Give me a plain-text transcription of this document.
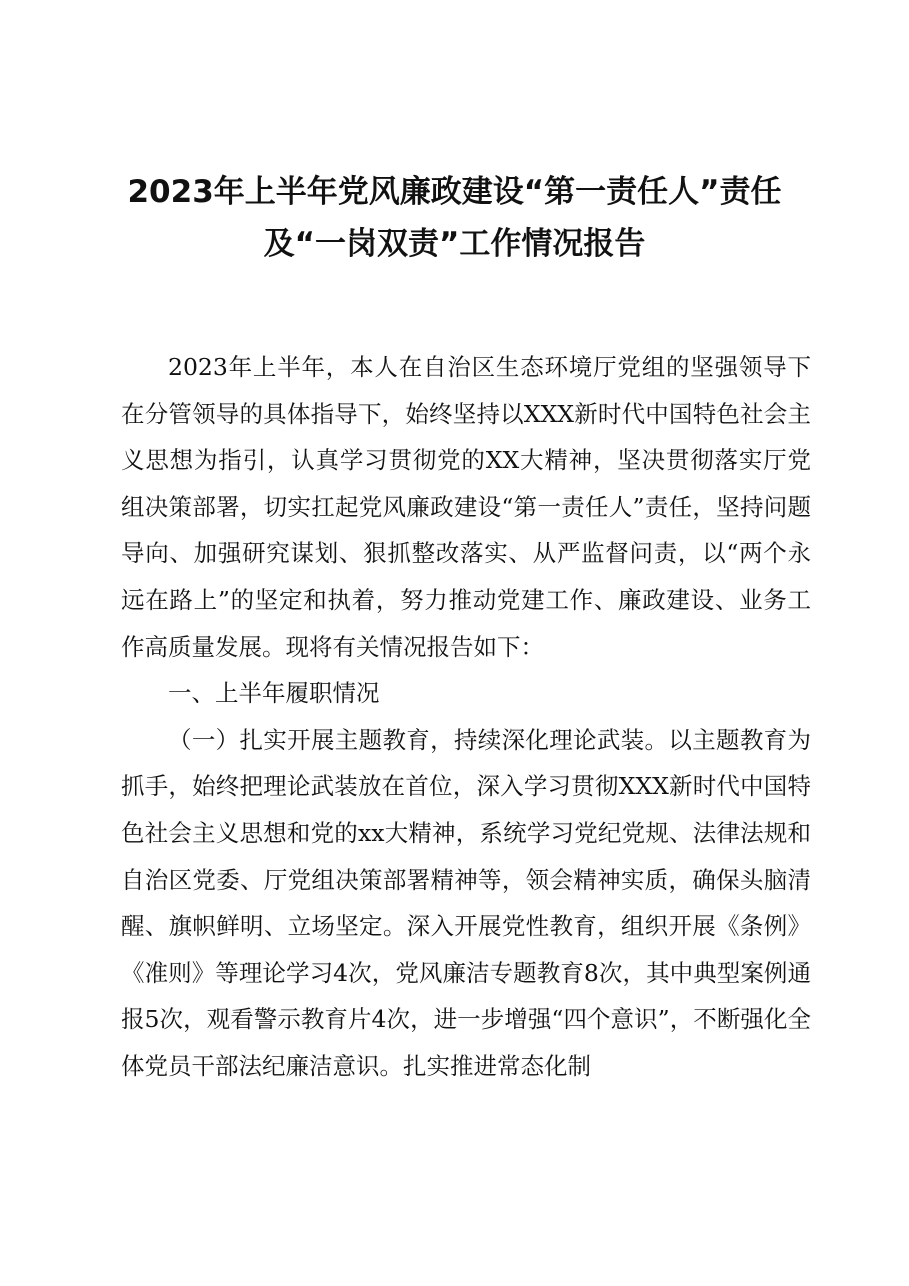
2023年上半年党风廉政建设“第一责任人”责任
及“一岗双责”工作情况报告

2023年上半年，本人在自治区生态环境厅党组的坚强领导下在分管领导的具体指导下，始终坚持以XXX新时代中国特色社会主义思想为指引，认真学习贯彻党的XX大精神，坚决贯彻落实厅党组决策部署，切实扛起党风廉政建设“第一责任人”责任，坚持问题导向、加强研究谋划、狠抓整改落实、从严监督问责，以“两个永远在路上”的坚定和执着，努力推动党建工作、廉政建设、业务工作高质量发展。现将有关情况报告如下：

一、上半年履职情况

（一）扎实开展主题教育，持续深化理论武装。以主题教育为抓手，始终把理论武装放在首位，深入学习贯彻XXX新时代中国特色社会主义思想和党的xx大精神，系统学习党纪党规、法律法规和自治区党委、厅党组决策部署精神等，领会精神实质，确保头脑清醒、旗帜鲜明、立场坚定。深入开展党性教育，组织开展《条例》《准则》等理论学习4次，党风廉洁专题教育8次，其中典型案例通报5次，观看警示教育片4次，进一步增强“四个意识”，不断强化全体党员干部法纪廉洁意识。扎实推进常态化制
